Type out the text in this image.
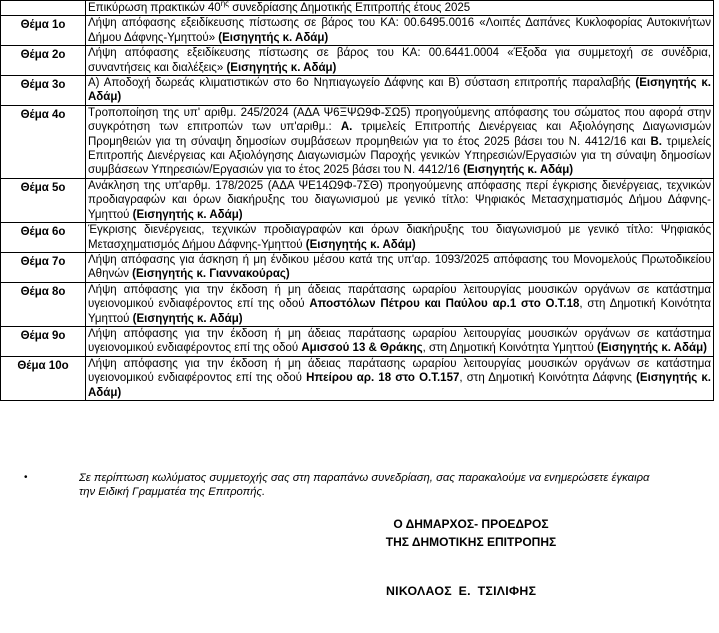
	Επικύρωση πρακτικών $40^{\eta\varsigma}$ συνεδρίασης Δημοτικής Επιτροπής έτους 2025
Θέμα 1ο	Λήψη απόφασης εξειδίκευσης πίστωσης σε βάρος του ΚΑ: 00.6495.0016 «Λοιπές Δαπάνες Κυκλοφορίας Αυτοκινήτων Δήμου Δάφνης-Υμηττού» (Εισηγητής κ. Αδάμ)
Θέμα 2ο	Λήψη απόφασης εξειδίκευσης πίστωσης σε βάρος του ΚΑ: 00.6441.0004 «Έξοδα για συμμετοχή σε συνέδρια, συναντήσεις και διαλέξεις» (Εισηγητής κ. Αδάμ)
Θέμα 3ο	Α) Αποδοχή δωρεάς κλιματιστικών στο 6ο Νηπιαγωγείο Δάφνης και Β) σύσταση επιτροπής παραλαβής (Εισηγητής κ. Αδάμ)
Θέμα 4ο	Τροποποίηση της υπ' αριθμ. 245/2024 (ΑΔΑ Ψ6ΞΨΩ9Φ-ΣΩ5) προηγούμενης απόφασης του σώματος που αφορά στην συγκρότηση των επιτροπών των υπ'αριθμ.: Α. τριμελείς Επιτροπής Διενέργειας και Αξιολόγησης Διαγωνισμών Προμηθειών για τη σύναψη δημοσίων συμβάσεων προμηθειών για το έτος 2025 βάσει του Ν. 4412/16 και Β. τριμελείς Επιτροπής Διενέργειας και Αξιολόγησης Διαγωνισμών Παροχής γενικών Υπηρεσιών/Εργασιών για τη σύναψη δημοσίων συμβάσεων Υπηρεσιών/Εργασιών για το έτος 2025 βάσει του Ν. 4412/16 (Εισηγητής κ. Αδάμ)
Θέμα 5ο	Ανάκληση της υπ'αρθμ. 178/2025 (ΑΔΑ ΨΕ14Ω9Φ-7ΣΘ) προηγούμενης απόφασης περί έγκρισης διενέργειας, τεχνικών προδιαγραφών και όρων διακήρυξης του διαγωνισμού με γενικό τίτλο: Ψηφιακός Μετασχηματισμός Δήμου Δάφνης-Υμηττού (Εισηγητής κ. Αδάμ)
Θέμα 6ο	Έγκρισης διενέργειας, τεχνικών προδιαγραφών και όρων διακήρυξης του διαγωνισμού με γενικό τίτλο: Ψηφιακός Μετασχηματισμός Δήμου Δάφνης-Υμηττού (Εισηγητής κ. Αδάμ)
Θέμα 7ο	Λήψη απόφασης για άσκηση ή μη ένδικου μέσου κατά της υπ'αρ. 1093/2025 απόφασης του Μονομελούς Πρωτοδικείου Αθηνών (Εισηγητής κ. Γιαννακούρας)
Θέμα 8ο	Λήψη απόφασης για την έκδοση ή μη άδειας παράτασης ωραρίου λειτουργίας μουσικών οργάνων σε κατάστημα υγειονομικού ενδιαφέροντος επί της οδού Αποστόλων Πέτρου και Παύλου αρ.1 στο Ο.Τ.18, στη Δημοτική Κοινότητα Υμηττού (Εισηγητής κ. Αδάμ)
Θέμα 9ο	Λήψη απόφασης για την έκδοση ή μη άδειας παράτασης ωραρίου λειτουργίας μουσικών οργάνων σε κατάστημα υγειονομικού ενδιαφέροντος επί της οδού Αμισσού 13 & Θράκης, στη Δημοτική Κοινότητα Υμηττού (Εισηγητής κ. Αδάμ)
Θέμα 10ο	Λήψη απόφασης για την έκδοση ή μη άδειας παράτασης ωραρίου λειτουργίας μουσικών οργάνων σε κατάστημα υγειονομικού ενδιαφέροντος επί της οδού Ηπείρου αρ. 18 στο Ο.Τ.157, στη Δημοτική Κοινότητα Δάφνης (Εισηγητής κ. Αδάμ)
•	Σε περίπτωση κωλύματος συμμετοχής σας στη παραπάνω συνεδρίαση, σας παρακαλούμε να ενημερώσετε έγκαιρα την Ειδική Γραμματέα της Επιτροπής.
Ο ΔΗΜΑΡΧΟΣ- ΠΡΟΕΔΡΟΣ
ΤΗΣ ΔΗΜΟΤΙΚΗΣ ΕΠΙΤΡΟΠΗΣ
ΝΙΚΟΛΑΟΣ Ε. ΤΣΙΛΙΦΗΣ
